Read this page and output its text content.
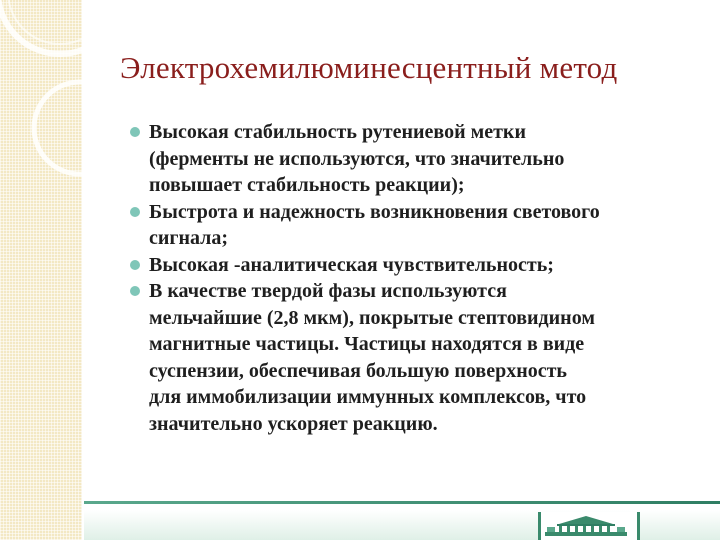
Электрохемилюминесцентный метод
Высокая стабильность рутениевой метки
(ферменты не используются, что значительно
повышает стабильность реакции);
Быстрота и надежность возникновения светового
сигнала;
Высокая -аналитическая чувствительность;
В качестве твердой фазы используются
мельчайшие (2,8 мкм), покрытые стептовидином
магнитные частицы. Частицы находятся в виде
суспензии, обеспечивая большую поверхность
для иммобилизации иммунных комплексов, что
значительно ускоряет реакцию.
